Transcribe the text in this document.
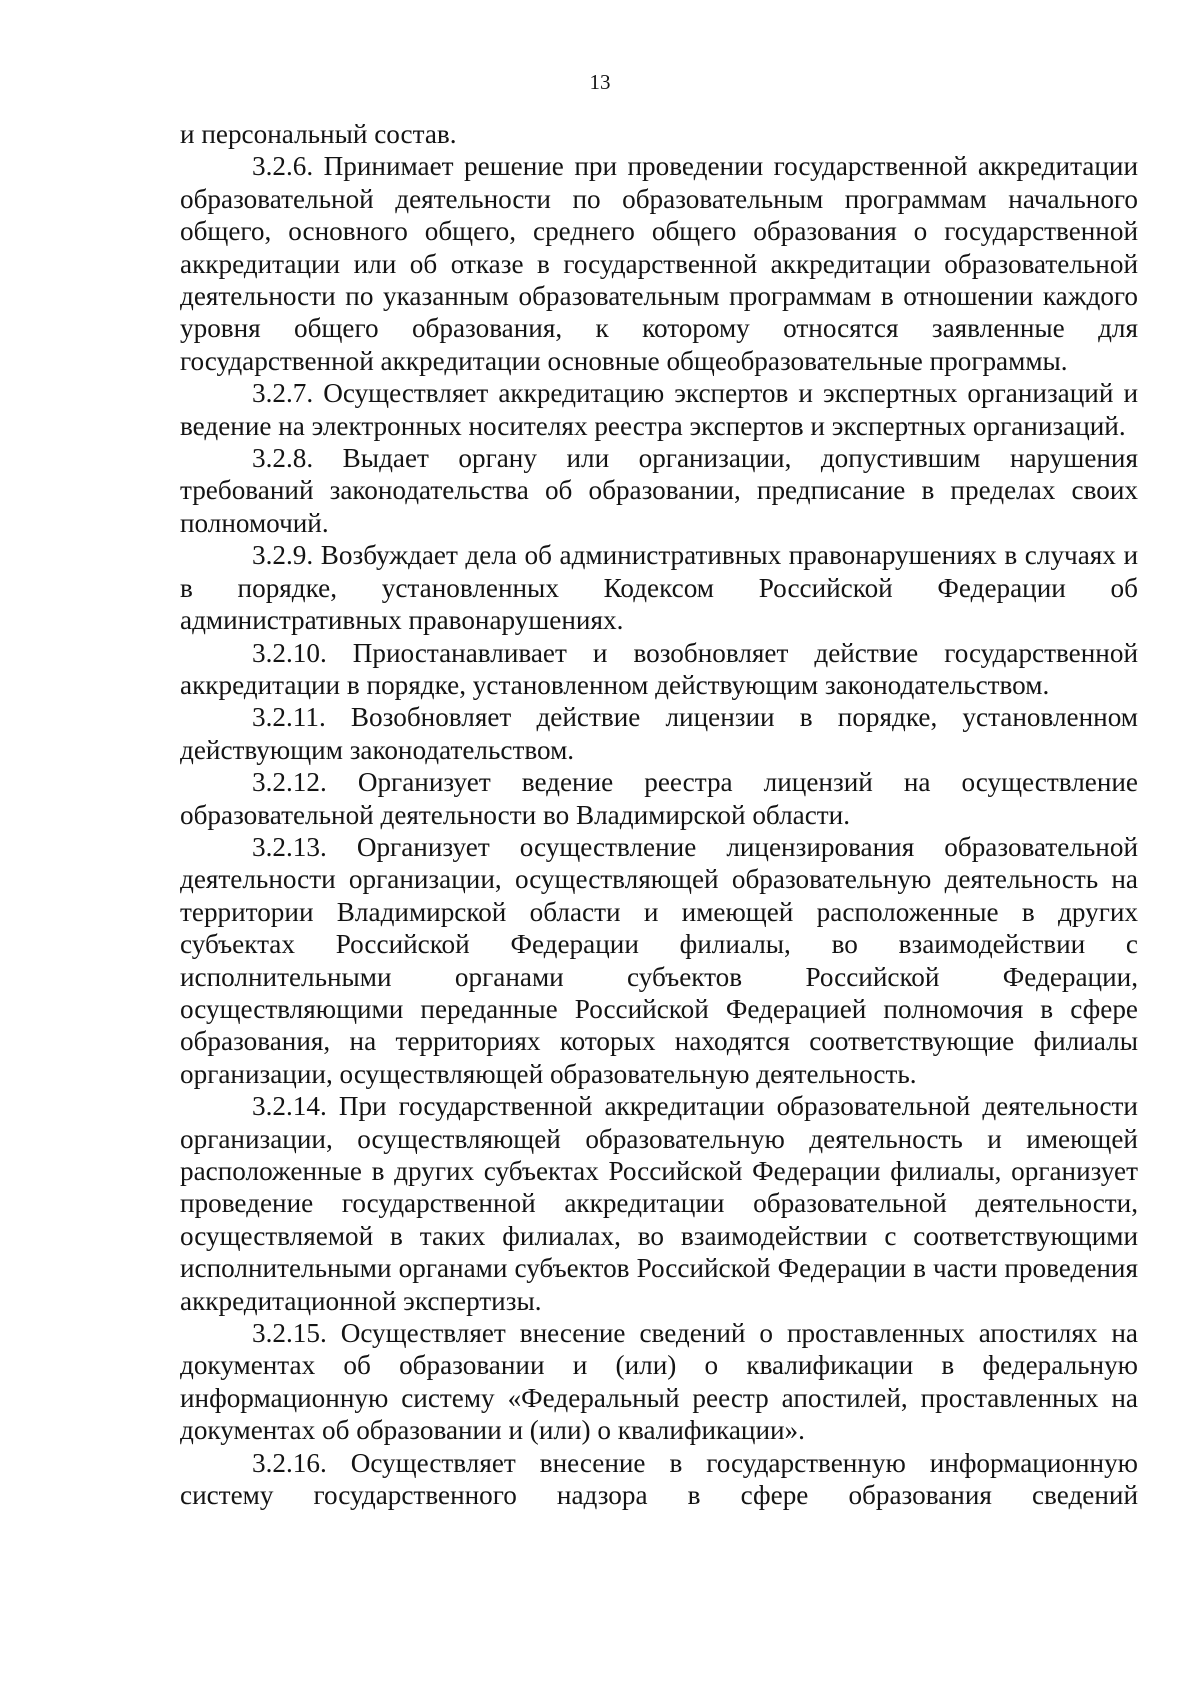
13

и персональный состав.

3.2.6. Принимает решение при проведении государственной аккредитации образовательной деятельности по образовательным программам начального общего, основного общего, среднего общего образования о государственной аккредитации или об отказе в государственной аккредитации образовательной деятельности по указанным образовательным программам в отношении каждого уровня общего образования, к которому относятся заявленные для государственной аккредитации основные общеобразовательные программы.

3.2.7. Осуществляет аккредитацию экспертов и экспертных организаций и ведение на электронных носителях реестра экспертов и экспертных организаций.

3.2.8. Выдает органу или организации, допустившим нарушения требований законодательства об образовании, предписание в пределах своих полномочий.

3.2.9. Возбуждает дела об административных правонарушениях в случаях и в порядке, установленных Кодексом Российской Федерации об административных правонарушениях.

3.2.10. Приостанавливает и возобновляет действие государственной аккредитации в порядке, установленном действующим законодательством.

3.2.11. Возобновляет действие лицензии в порядке, установленном действующим законодательством.

3.2.12. Организует ведение реестра лицензий на осуществление образовательной деятельности во Владимирской области.

3.2.13. Организует осуществление лицензирования образовательной деятельности организации, осуществляющей образовательную деятельность на территории Владимирской области и имеющей расположенные в других субъектах Российской Федерации филиалы, во взаимодействии с исполнительными органами субъектов Российской Федерации, осуществляющими переданные Российской Федерацией полномочия в сфере образования, на территориях которых находятся соответствующие филиалы организации, осуществляющей образовательную деятельность.

3.2.14. При государственной аккредитации образовательной деятельности организации, осуществляющей образовательную деятельность и имеющей расположенные в других субъектах Российской Федерации филиалы, организует проведение государственной аккредитации образовательной деятельности, осуществляемой в таких филиалах, во взаимодействии с соответствующими исполнительными органами субъектов Российской Федерации в части проведения аккредитационной экспертизы.

3.2.15. Осуществляет внесение сведений о проставленных апостилях на документах об образовании и (или) о квалификации в федеральную информационную систему «Федеральный реестр апостилей, проставленных на документах об образовании и (или) о квалификации».

3.2.16. Осуществляет внесение в государственную информационную систему государственного надзора в сфере образования сведений
